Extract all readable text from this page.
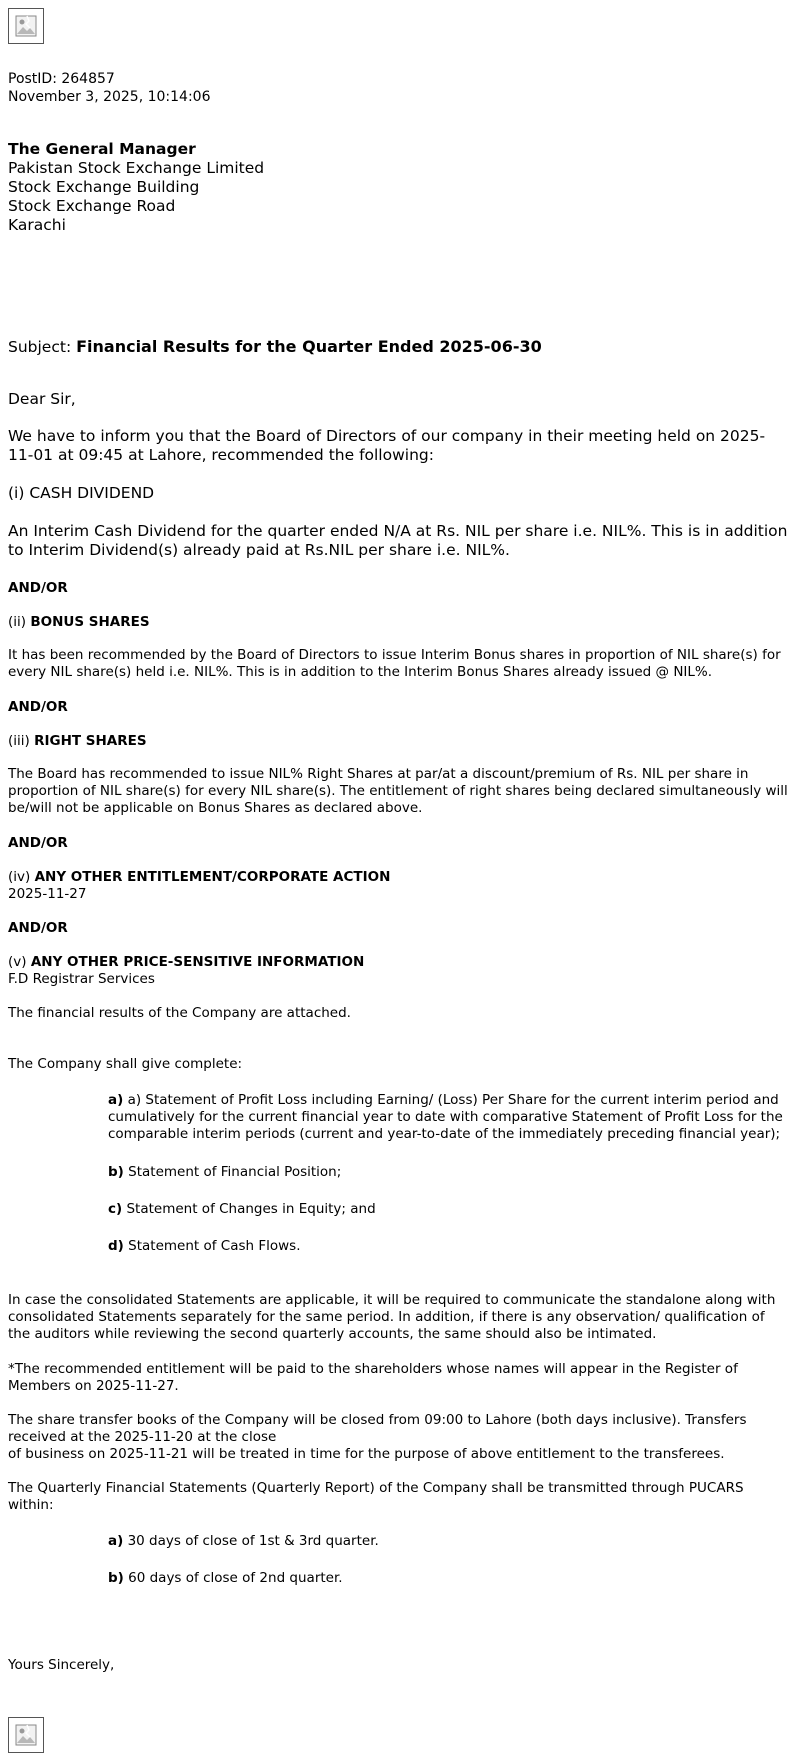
PostID: 264857
November 3, 2025, 10:14:06
The General Manager
Pakistan Stock Exchange Limited
Stock Exchange Building
Stock Exchange Road
Karachi
Subject: Financial Results for the Quarter Ended 2025-06-30
Dear Sir,
We have to inform you that the Board of Directors of our company in their meeting held on 2025-11-01 at 09:45 at Lahore, recommended the following:
(i) CASH DIVIDEND
An Interim Cash Dividend for the quarter ended N/A at Rs. NIL per share i.e. NIL%. This is in addition to Interim Dividend(s) already paid at Rs.NIL per share i.e. NIL%.
AND/OR
(ii) BONUS SHARES
It has been recommended by the Board of Directors to issue Interim Bonus shares in proportion of NIL share(s) for every NIL share(s) held i.e. NIL%. This is in addition to the Interim Bonus Shares already issued @ NIL%.
AND/OR
(iii) RIGHT SHARES
The Board has recommended to issue NIL% Right Shares at par/at a discount/premium of Rs. NIL per share in proportion of NIL share(s) for every NIL share(s). The entitlement of right shares being declared simultaneously will be/will not be applicable on Bonus Shares as declared above.
AND/OR
(iv) ANY OTHER ENTITLEMENT/CORPORATE ACTION
2025-11-27
AND/OR
(v) ANY OTHER PRICE-SENSITIVE INFORMATION
F.D Registrar Services
The financial results of the Company are attached.
The Company shall give complete:
a) a) Statement of Profit Loss including Earning/ (Loss) Per Share for the current interim period and cumulatively for the current financial year to date with comparative Statement of Profit Loss for the comparable interim periods (current and year-to-date of the immediately preceding financial year);
b) Statement of Financial Position;
c) Statement of Changes in Equity; and
d) Statement of Cash Flows.
In case the consolidated Statements are applicable, it will be required to communicate the standalone along with consolidated Statements separately for the same period. In addition, if there is any observation/ qualification of the auditors while reviewing the second quarterly accounts, the same should also be intimated.
*The recommended entitlement will be paid to the shareholders whose names will appear in the Register of Members on 2025-11-27.
The share transfer books of the Company will be closed from 09:00 to Lahore (both days inclusive). Transfers received at the 2025-11-20 at the close
of business on 2025-11-21 will be treated in time for the purpose of above entitlement to the transferees.
The Quarterly Financial Statements (Quarterly Report) of the Company shall be transmitted through PUCARS within:
a) 30 days of close of 1st & 3rd quarter.
b) 60 days of close of 2nd quarter.
Yours Sincerely,
